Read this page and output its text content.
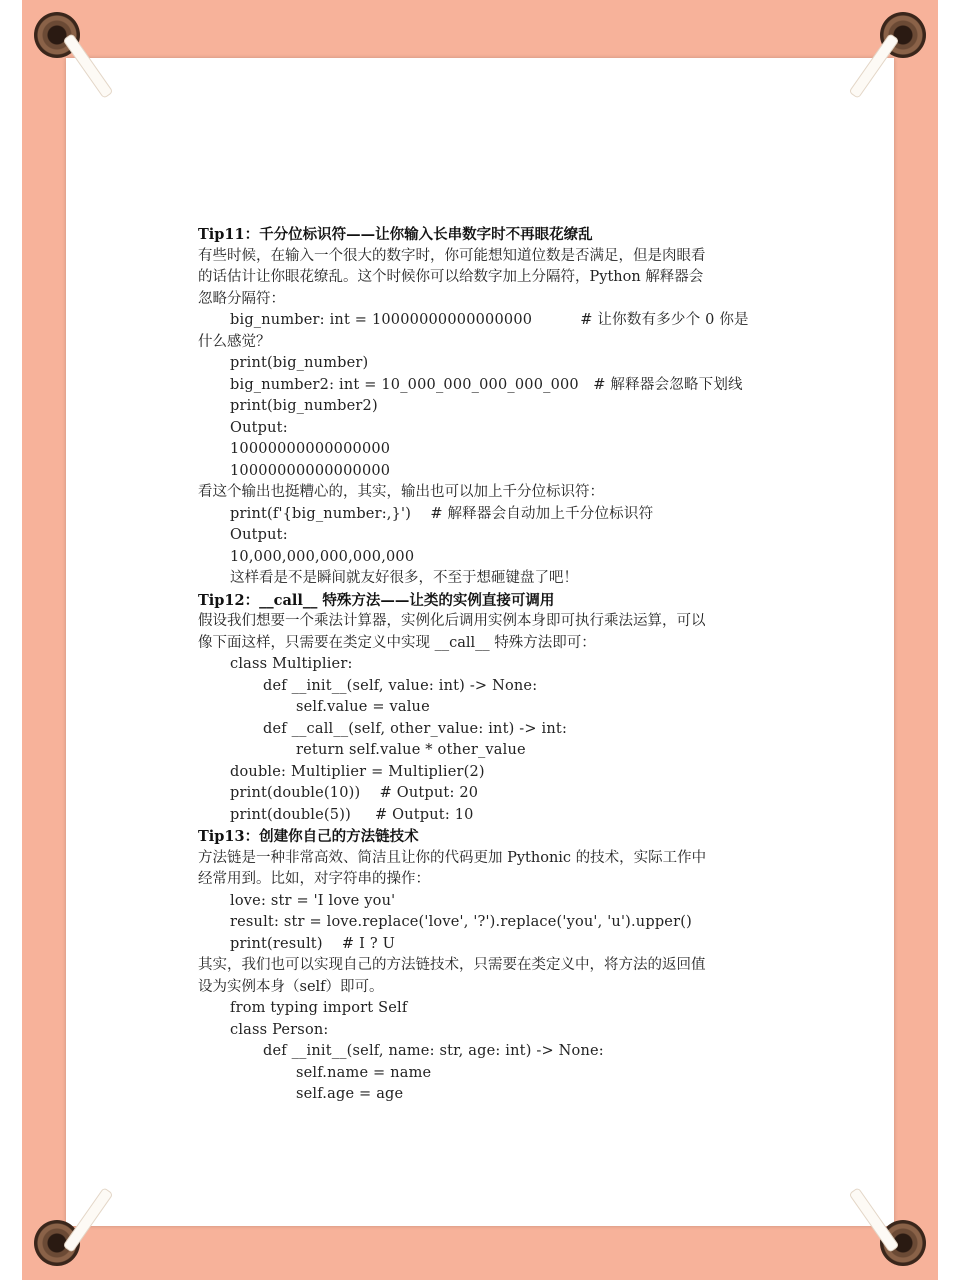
Tip11：千分位标识符——让你输入长串数字时不再眼花缭乱
有些时候，在输入一个很大的数字时，你可能想知道位数是否满足，但是肉眼看
的话估计让你眼花缭乱。这个时候你可以给数字加上分隔符，Python 解释器会
忽略分隔符：
big_number: int = 10000000000000000          # 让你数有多少个 0 你是
什么感觉？
print(big_number)
big_number2: int = 10_000_000_000_000_000   # 解释器会忽略下划线
print(big_number2)
Output:
10000000000000000
10000000000000000
看这个输出也挺糟心的，其实，输出也可以加上千分位标识符：
print(f'{big_number:,}')    # 解释器会自动加上千分位标识符
Output:
10,000,000,000,000,000
这样看是不是瞬间就友好很多，不至于想砸键盘了吧！
Tip12：__call__ 特殊方法——让类的实例直接可调用
假设我们想要一个乘法计算器，实例化后调用实例本身即可执行乘法运算，可以
像下面这样，只需要在类定义中实现 __call__ 特殊方法即可：
class Multiplier:
def __init__(self, value: int) -> None:
self.value = value
def __call__(self, other_value: int) -> int:
return self.value * other_value
double: Multiplier = Multiplier(2)
print(double(10))    # Output: 20
print(double(5))     # Output: 10
Tip13：创建你自己的方法链技术
方法链是一种非常高效、简洁且让你的代码更加 Pythonic 的技术，实际工作中
经常用到。比如，对字符串的操作：
love: str = 'I love you'
result: str = love.replace('love', '?').replace('you', 'u').upper()
print(result)    # I ? U
其实，我们也可以实现自己的方法链技术，只需要在类定义中，将方法的返回值
设为实例本身（self）即可。
from typing import Self
class Person:
def __init__(self, name: str, age: int) -> None:
self.name = name
self.age = age
